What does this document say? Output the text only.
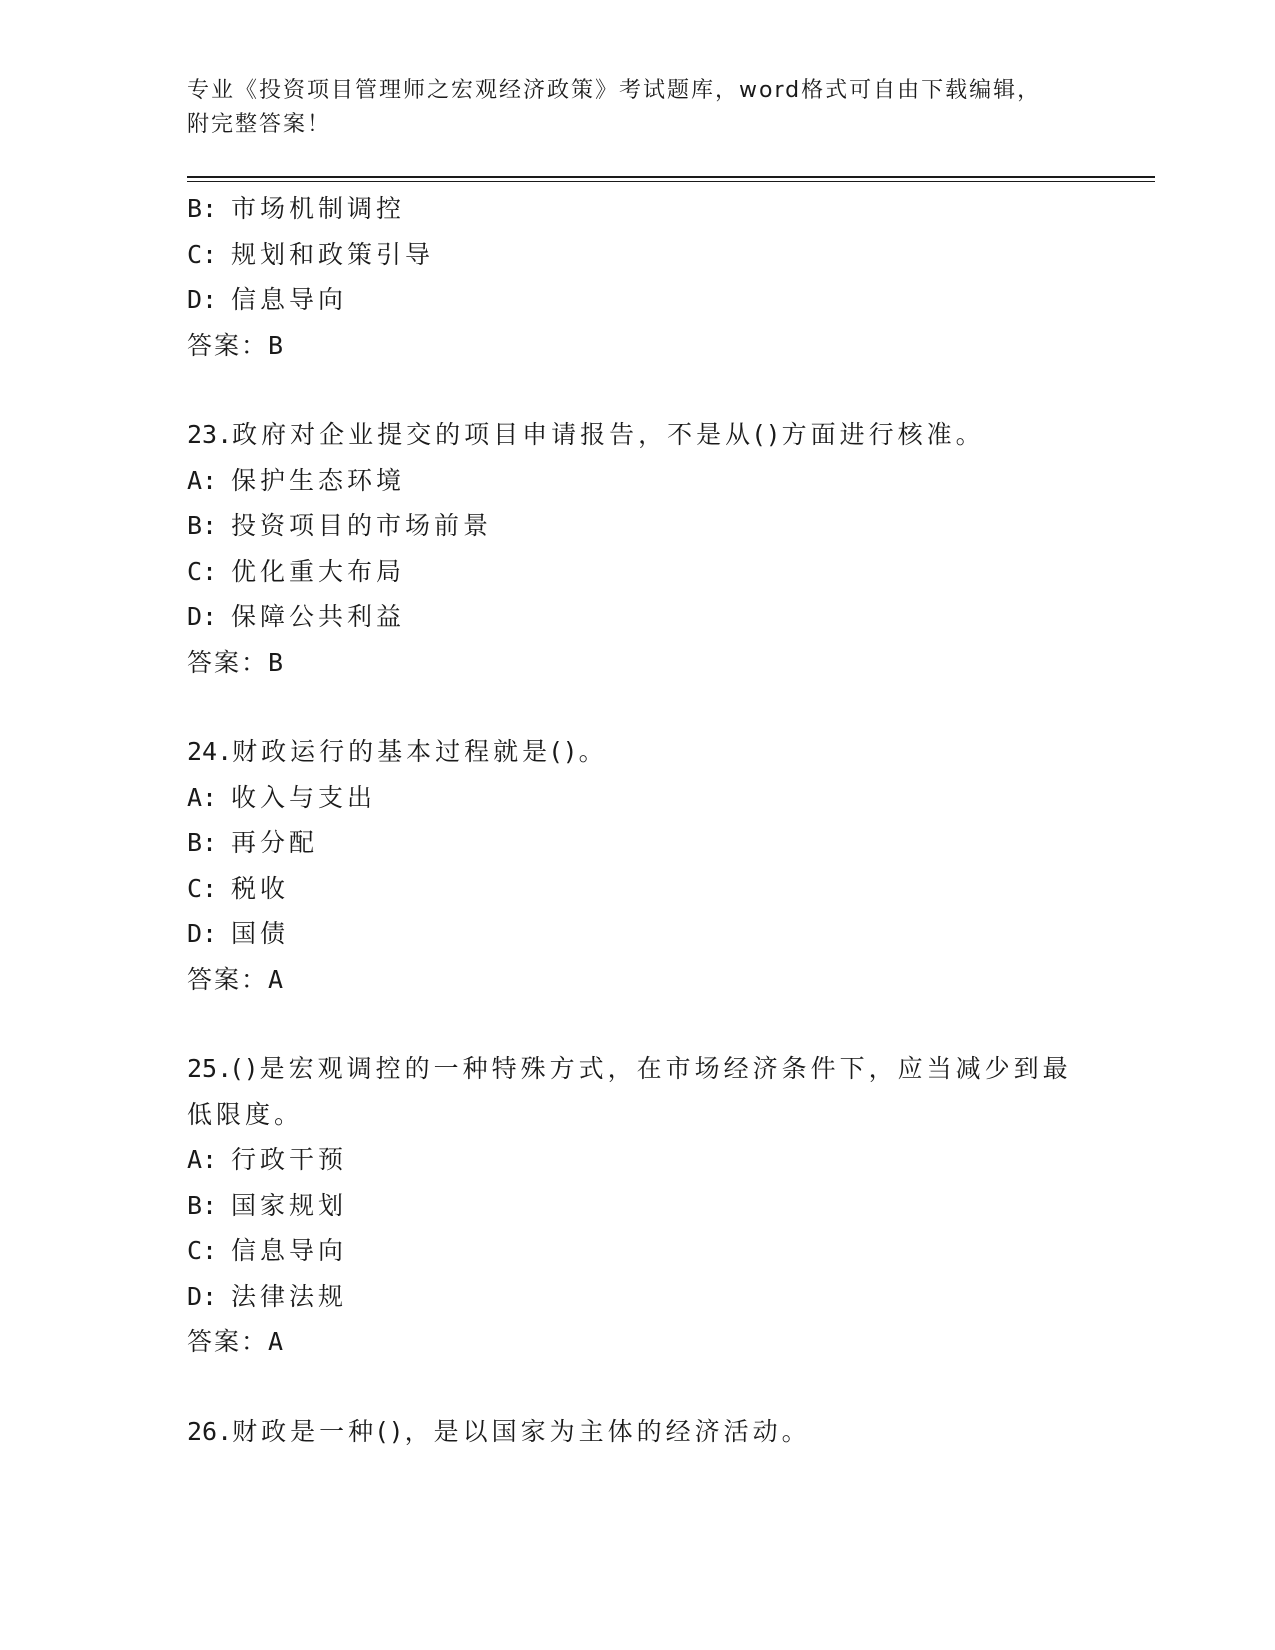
专业《投资项目管理师之宏观经济政策》考试题库，word格式可自由下载编辑，
附完整答案！
B: 市场机制调控
C: 规划和政策引导
D: 信息导向
答案：B
23.政府对企业提交的项目申请报告，不是从()方面进行核准。
A: 保护生态环境
B: 投资项目的市场前景
C: 优化重大布局
D: 保障公共利益
答案：B
24.财政运行的基本过程就是()。
A: 收入与支出
B: 再分配
C: 税收
D: 国债
答案：A
25.()是宏观调控的一种特殊方式，在市场经济条件下，应当减少到最
低限度。
A: 行政干预
B: 国家规划
C: 信息导向
D: 法律法规
答案：A
26.财政是一种()，是以国家为主体的经济活动。
